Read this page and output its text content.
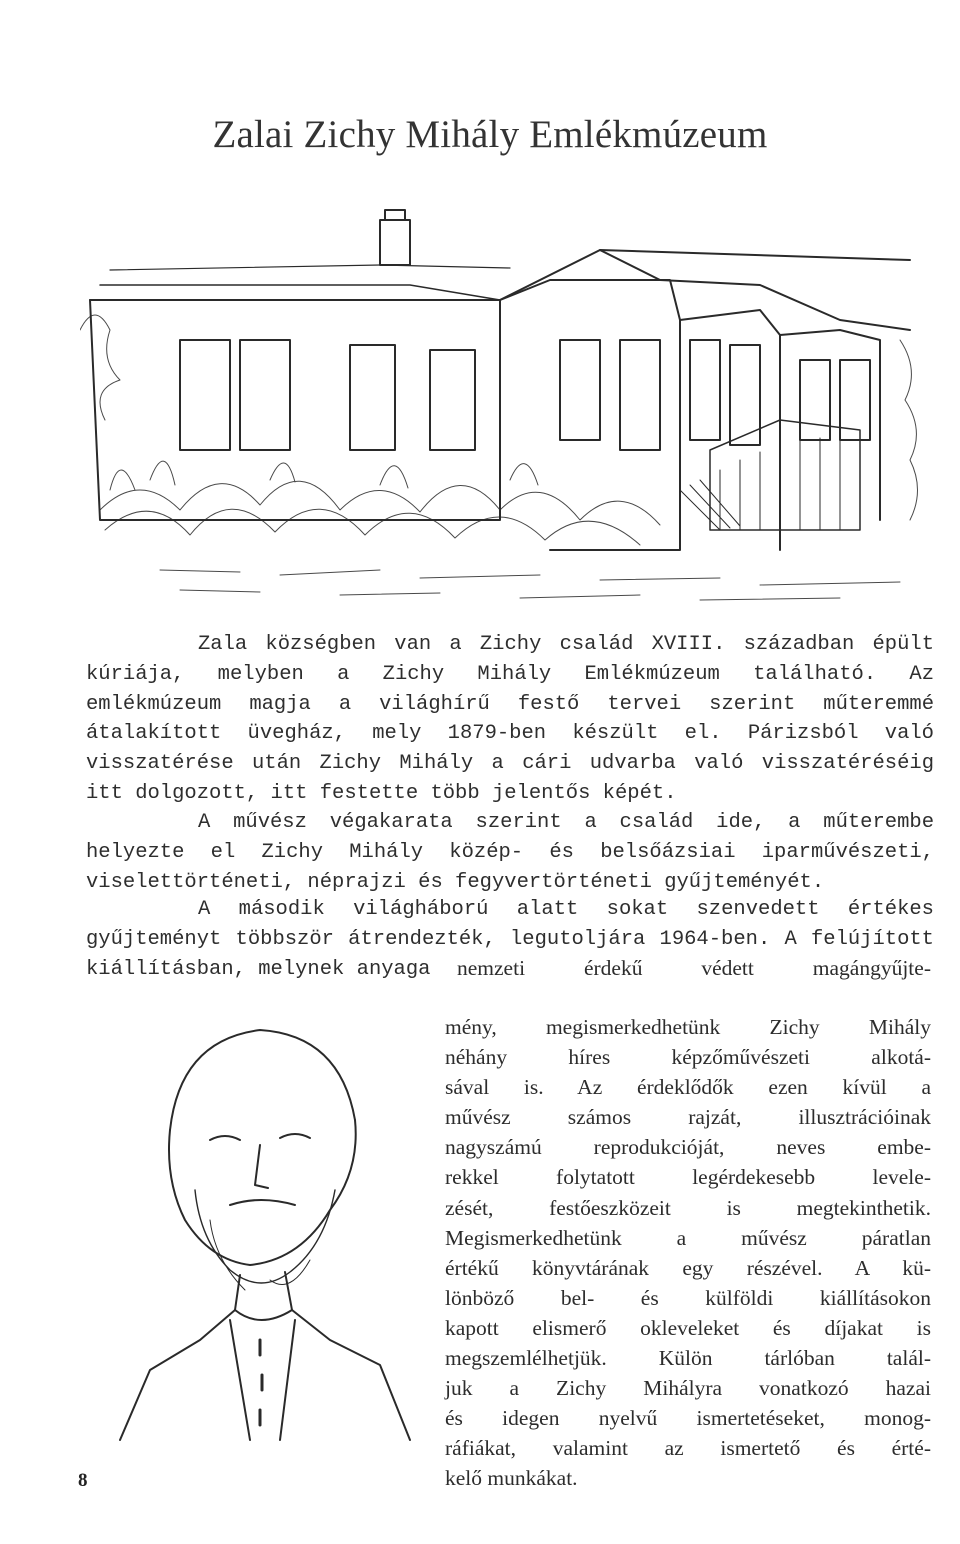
Zalai Zichy Mihály Emlékmúzeum
Zala községben van a Zichy család XVIII. században épült kúriája, melyben a Zichy Mihály Emlékmúzeum található. Az emlékmúzeum magja a világhírű festő tervei szerint műteremmé átalakított üvegház, mely 1879-ben készült el. Párizsból való visszatérése után Zichy Mihály a cári udvarba való visszatéréséig itt dolgozott, itt festette több jelentős képét.
A művész végakarata szerint a család ide, a műterembe helyezte el Zichy Mihály közép- és belsőázsiai iparművészeti, viselettörténeti, néprajzi és fegyvertörténeti gyűjteményét.
A második világháború alatt sokat szenvedett értékes gyűjteményt többször átrendezték, legutoljára 1964-ben. A felújított kiállításban, melynek anyaga	nemzeti érdekű védett magángyűjte-
mény, megismerkedhetünk Zichy Mihály
néhány híres képzőművészeti alkotá-
sával is. Az érdeklődők ezen kívül a
művész számos rajzát, illusztrációinak
nagyszámú reprodukcióját, neves embe-
rekkel folytatott legérdekesebb levele-
zését, festőeszközeit is megtekinthetik.
Megismerkedhetünk a művész páratlan
értékű könyvtárának egy részével. A kü-
lönböző bel- és külföldi kiállításokon
kapott elismerő okleveleket és díjakat is
megszemlélhetjük. Külön tárlóban talál-
juk a Zichy Mihályra vonatkozó hazai
és idegen nyelvű ismertetéseket, monog-
ráfiákat, valamint az ismertető és érté-
kelő munkákat.
8
